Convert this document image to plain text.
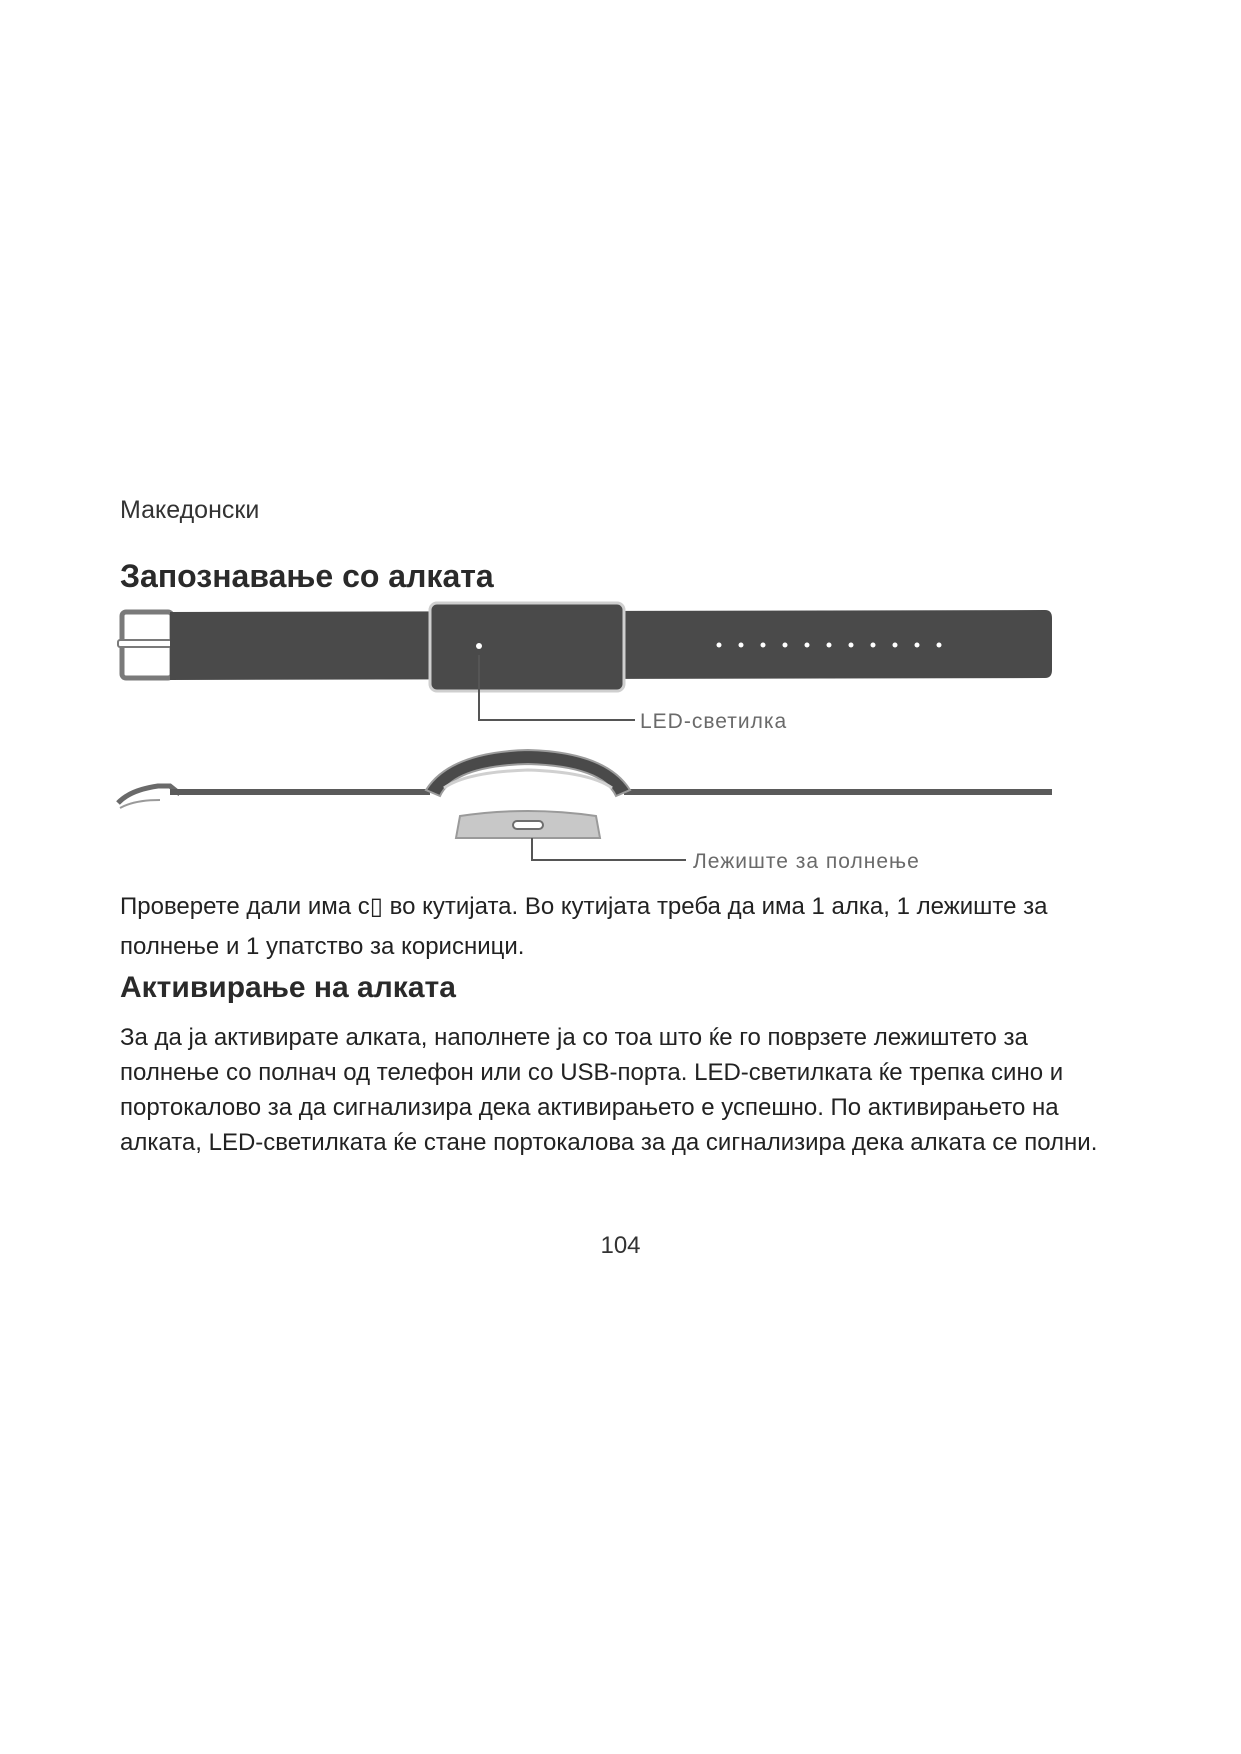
Македонски

Запознавање со алката
LED-светилка
Лежиште за полнење

Проверете дали има с▯ во кутијата. Во кутијата треба да има 1 алка, 1 лежиште за полнење и 1 упатство за корисници.

Активирање на алката

За да ја активирате алката, наполнете ја со тоа што ќе го поврзете лежиштето за полнење со полнач од телефон или со USB-порта. LED-светилката ќе трепка сино и портокалово за да сигнализира дека активирањето е успешно. По активирањето на алката, LED-светилката ќе стане портокалова за да сигнализира дека алката се полни.

104
